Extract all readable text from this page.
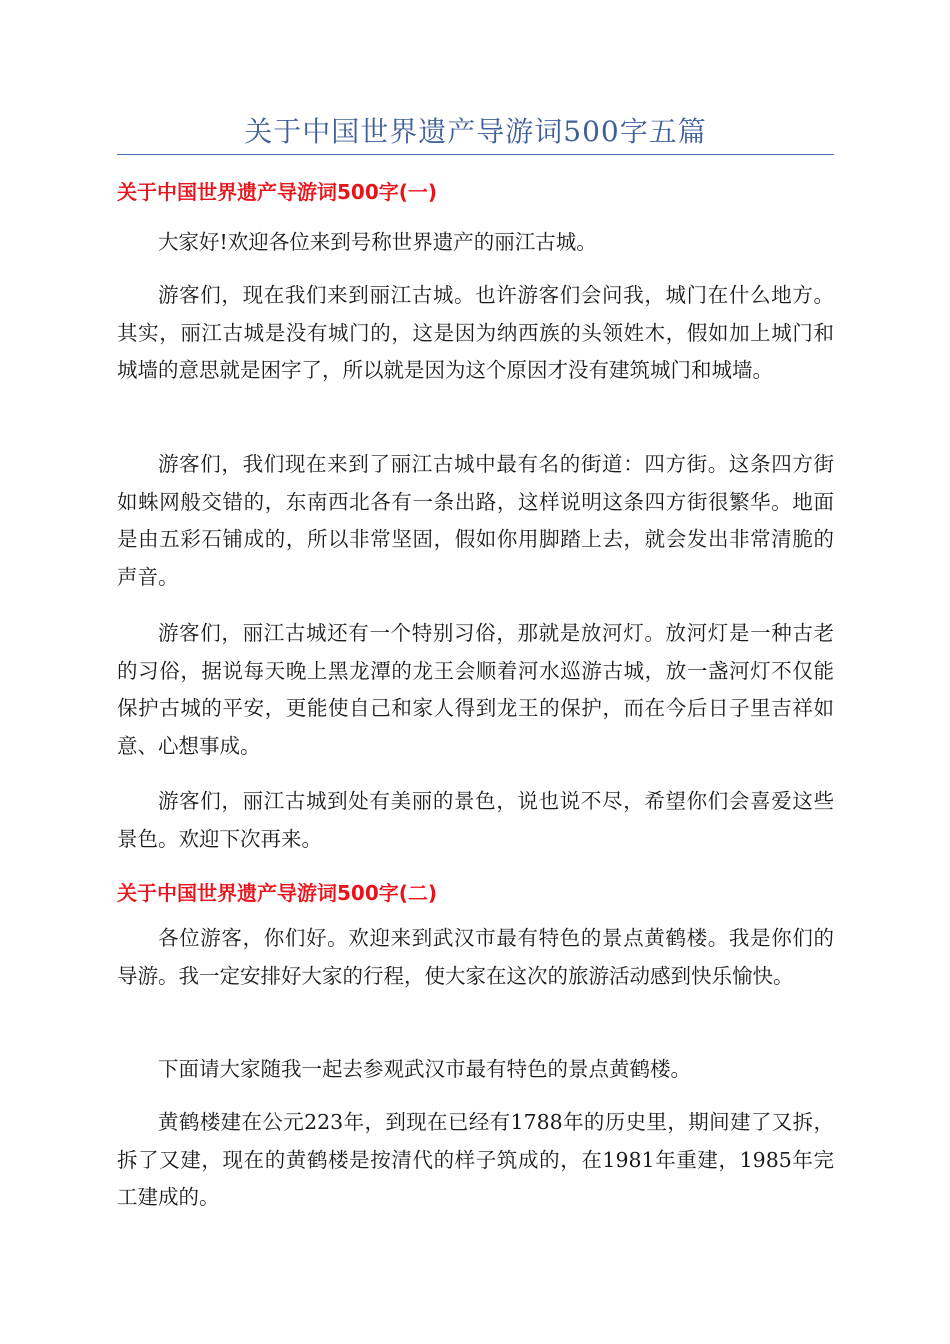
关于中国世界遗产导游词500字五篇
关于中国世界遗产导游词500字(一)

大家好!欢迎各位来到号称世界遗产的丽江古城。

游客们，现在我们来到丽江古城。也许游客们会问我，城门在什么地方。其实，丽江古城是没有城门的，这是因为纳西族的头领姓木，假如加上城门和城墙的意思就是困字了，所以就是因为这个原因才没有建筑城门和城墙。

游客们，我们现在来到了丽江古城中最有名的街道：四方街。这条四方街如蛛网般交错的，东南西北各有一条出路，这样说明这条四方街很繁华。地面是由五彩石铺成的，所以非常坚固，假如你用脚踏上去，就会发出非常清脆的声音。

游客们，丽江古城还有一个特别习俗，那就是放河灯。放河灯是一种古老的习俗，据说每天晚上黑龙潭的龙王会顺着河水巡游古城，放一盏河灯不仅能保护古城的平安，更能使自己和家人得到龙王的保护，而在今后日子里吉祥如意、心想事成。

游客们，丽江古城到处有美丽的景色，说也说不尽，希望你们会喜爱这些景色。欢迎下次再来。

关于中国世界遗产导游词500字(二)

各位游客，你们好。欢迎来到武汉市最有特色的景点黄鹤楼。我是你们的导游。我一定安排好大家的行程，使大家在这次的旅游活动感到快乐愉快。

下面请大家随我一起去参观武汉市最有特色的景点黄鹤楼。

黄鹤楼建在公元223年，到现在已经有1788年的历史里，期间建了又拆，拆了又建，现在的黄鹤楼是按清代的样子筑成的，在1981年重建，1985年完工建成的。
